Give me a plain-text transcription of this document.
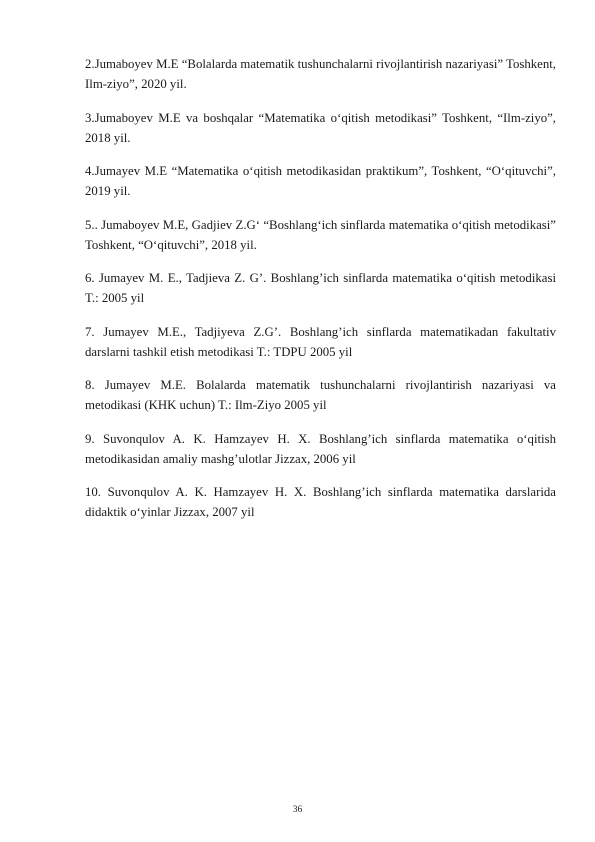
2.Jumaboyev M.E “Bolalarda matematik tushunchalarni rivojlantirish nazariyasi” Toshkent, Ilm-ziyo”, 2020 yil.
3.Jumaboyev M.E va boshqalar “Matematika o‘qitish metodikasi” Toshkent, “Ilm-ziyo”, 2018 yil.
4.Jumayev M.E “Matematika o‘qitish metodikasidan praktikum”, Toshkent, “O‘qituvchi”, 2019 yil.
5.. Jumaboyev M.E, Gadjiev Z.G‘ “Boshlang‘ich sinflarda matematika o‘qitish metodikasi” Toshkent, “O‘qituvchi”, 2018 yil.
6. Jumayev M. E., Tadjieva Z. G’. Boshlang’ich sinflarda matematika o‘qitish metodikasi T.: 2005 yil
7. Jumayev M.E., Tadjiyeva Z.G’. Boshlang’ich sinflarda matematikadan fakultativ darslarni tashkil etish metodikasi T.: TDPU 2005 yil
8. Jumayev M.E. Bolalarda matematik tushunchalarni rivojlantirish nazariyasi va metodikasi (KHK uchun) T.: Ilm-Ziyo 2005 yil
9. Suvonqulov A. K. Hamzayev H. X. Boshlang’ich sinflarda matematika o‘qitish metodikasidan amaliy mashg’ulotlar Jizzax, 2006 yil
10. Suvonqulov A. K. Hamzayev H. X. Boshlang’ich sinflarda matematika darslarida didaktik o‘yinlar Jizzax, 2007 yil
36
